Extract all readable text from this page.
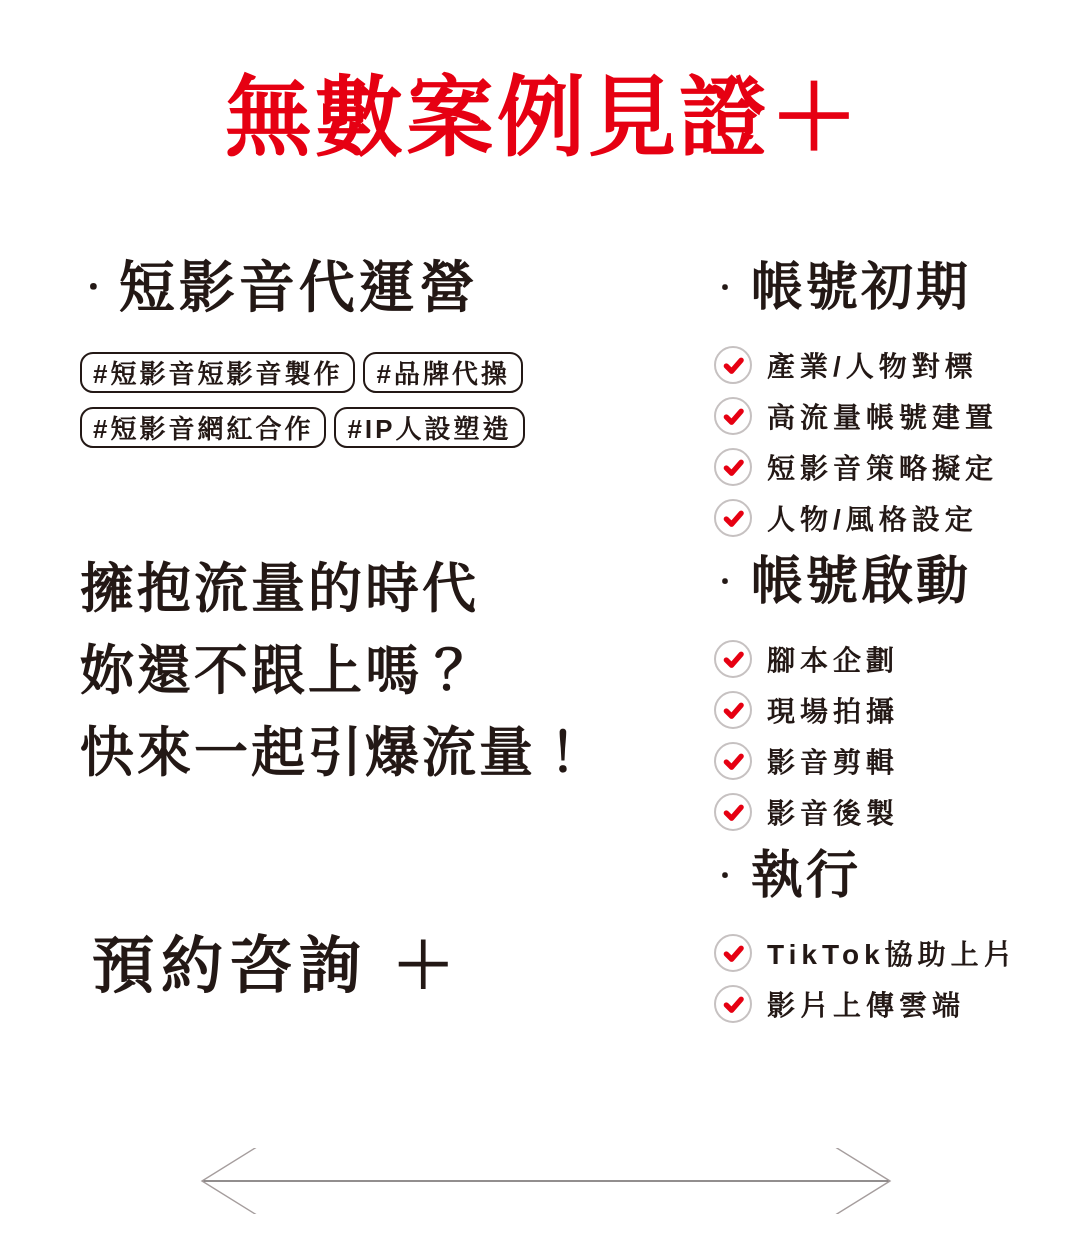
無數案例見證＋
・ 短影音代運營
#短影音短影音製作	#品牌代操
#短影音網紅合作	#IP人設塑造

擁抱流量的時代

妳還不跟上嗎？

快來一起引爆流量！

預約咨詢 ＋
・ 帳號初期
產業/人物對標
高流量帳號建置
短影音策略擬定
人物/風格設定
・ 帳號啟動
腳本企劃
現場拍攝
影音剪輯
影音後製
・ 執行
TikTok協助上片
影片上傳雲端
